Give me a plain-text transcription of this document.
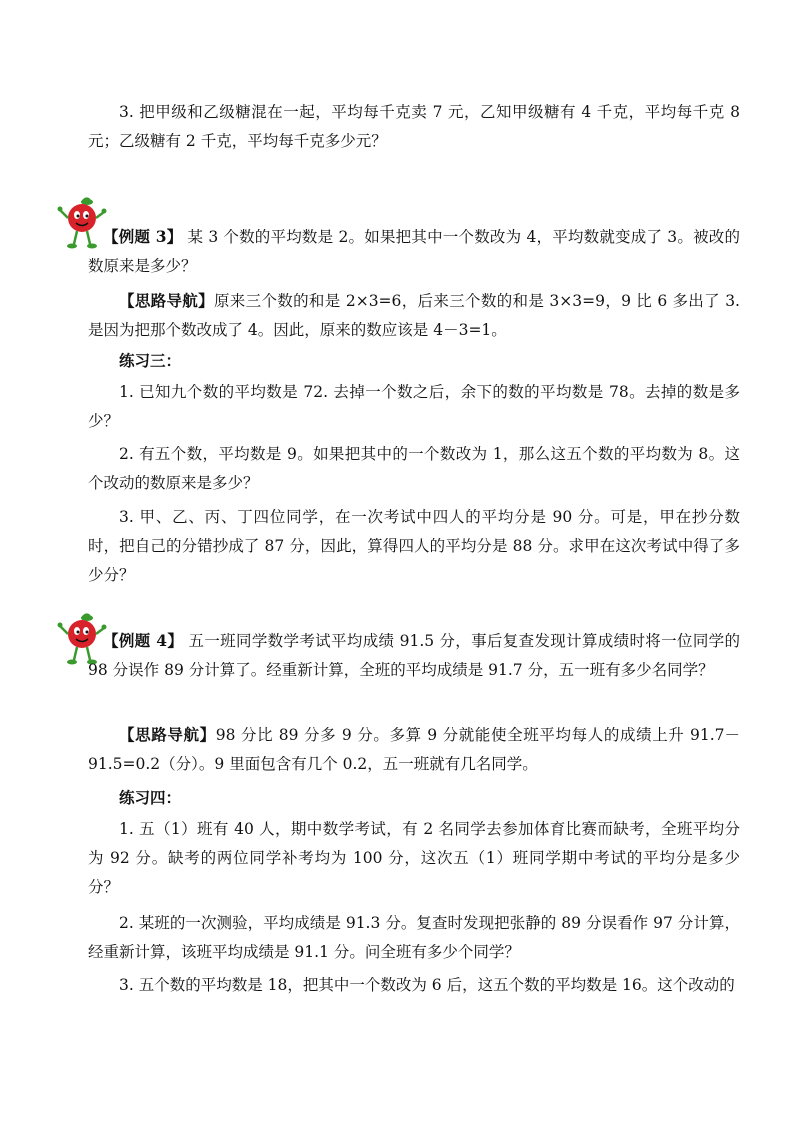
3. 把甲级和乙级糖混在一起，平均每千克卖 7 元，乙知甲级糖有 4 千克，平均每千克 8 元；乙级糖有 2 千克，平均每千克多少元？

【例题 3】 某 3 个数的平均数是 2。如果把其中一个数改为 4，平均数就变成了 3。被改的数原来是多少？

【思路导航】原来三个数的和是 2×3=6，后来三个数的和是 3×3=9，9 比 6 多出了 3. 是因为把那个数改成了 4。因此，原来的数应该是 4－3=1。

练习三：

1. 已知九个数的平均数是 72. 去掉一个数之后，余下的数的平均数是 78。去掉的数是多少？

2. 有五个数，平均数是 9。如果把其中的一个数改为 1，那么这五个数的平均数为 8。这个改动的数原来是多少？

3. 甲、乙、丙、丁四位同学，在一次考试中四人的平均分是 90 分。可是，甲在抄分数时，把自己的分错抄成了 87 分，因此，算得四人的平均分是 88 分。求甲在这次考试中得了多少分？

【例题 4】 五一班同学数学考试平均成绩 91.5 分，事后复查发现计算成绩时将一位同学的 98 分误作 89 分计算了。经重新计算，全班的平均成绩是 91.7 分，五一班有多少名同学？

【思路导航】98 分比 89 分多 9 分。多算 9 分就能使全班平均每人的成绩上升 91.7－91.5=0.2（分）。9 里面包含有几个 0.2，五一班就有几名同学。

练习四：

1. 五（1）班有 40 人，期中数学考试，有 2 名同学去参加体育比赛而缺考，全班平均分为 92 分。缺考的两位同学补考均为 100 分，这次五（1）班同学期中考试的平均分是多少分？

2. 某班的一次测验，平均成绩是 91.3 分。复查时发现把张静的 89 分误看作 97 分计算，经重新计算，该班平均成绩是 91.1 分。问全班有多少个同学？

3. 五个数的平均数是 18，把其中一个数改为 6 后，这五个数的平均数是 16。这个改动的
